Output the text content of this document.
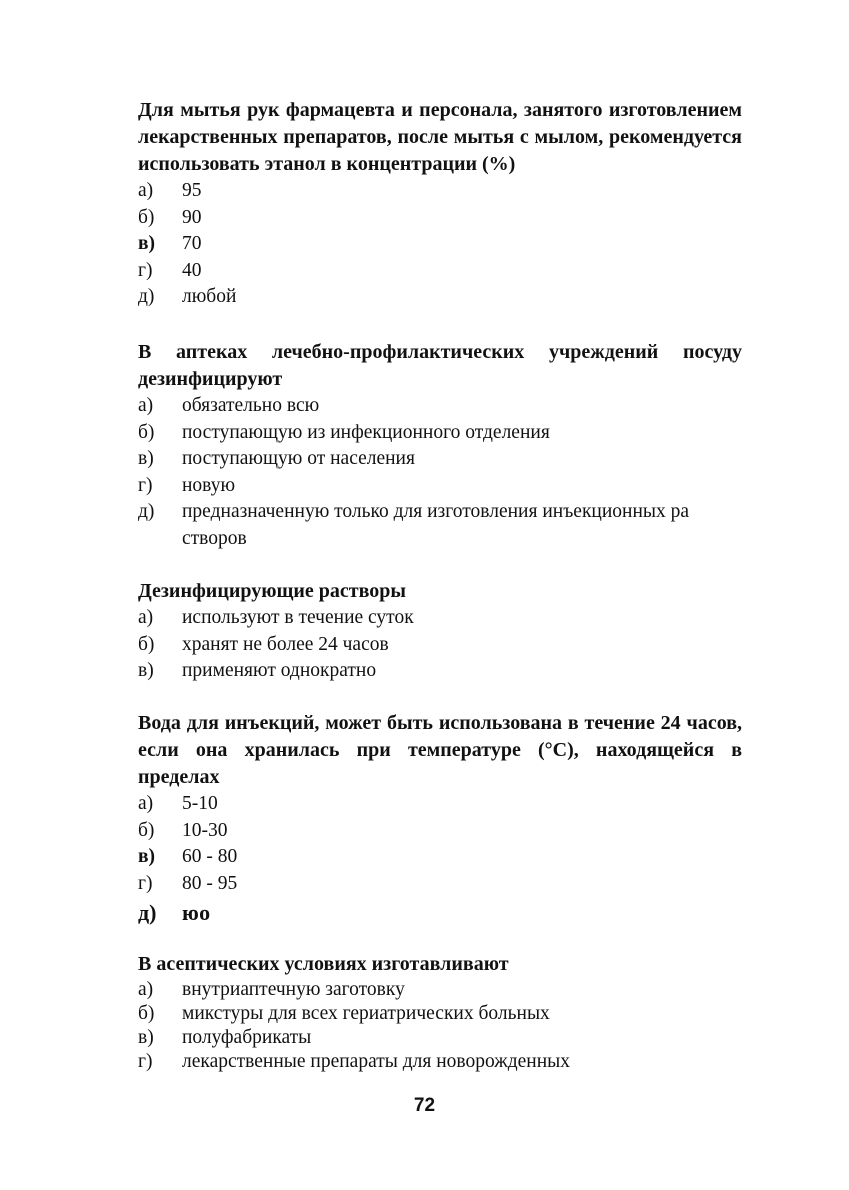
Для мытья рук фармацевта и персонала, занятого изготовлением лекарственных препаратов, после мытья с мылом, рекомендуется использовать этанол в концентрации (%)
а) 95
б) 90
в) 70
г) 40
д) любой
В аптеках лечебно-профилактических учреждений посуду дезинфицируют
а) обязательно всю
б) поступающую из инфекционного отделения
в) поступающую от населения
г) новую
д) предназначенную только для изготовления инъекционных ра створов
Дезинфицирующие растворы
а) используют в течение суток
б) хранят не более 24 часов
в) применяют однократно
Вода для инъекций, может быть использована в течение 24 часов, если она хранилась при температуре (°С), находящейся в пределах
а) 5-10
б) 10-30
в) 60 - 80
г) 80 - 95
д) юо
В асептических условиях изготавливают
а) внутриаптечную заготовку
б) микстуры для всех гериатрических больных
в) полуфабрикаты
г) лекарственные препараты для новорожденных
72
